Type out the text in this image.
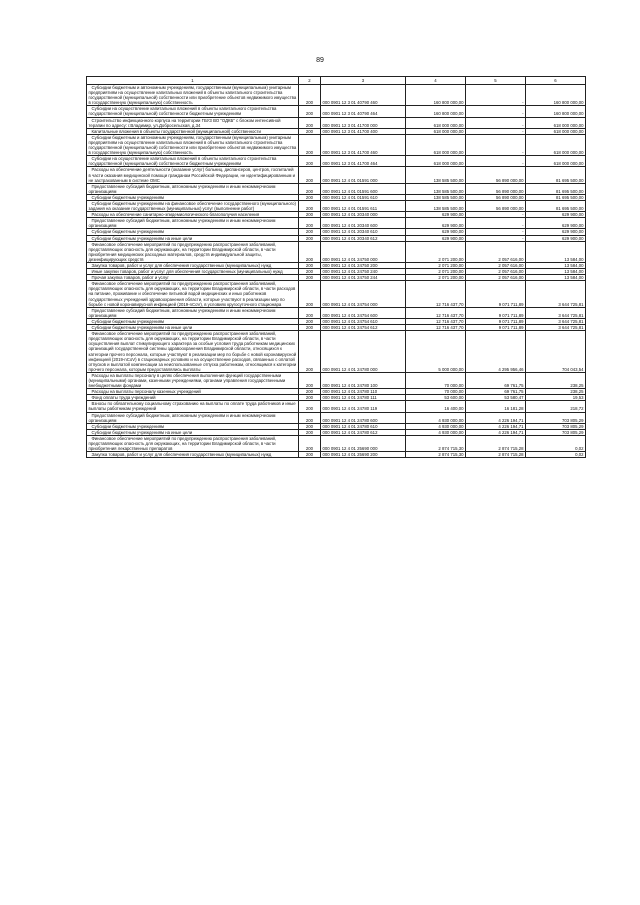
89
1	2	3	4	5	6
Субсидии бюджетным и автономным учреждениям, государственным (муниципальным) унитарным предприятиям на осуществление капитальных вложений в объекты капитального строительства государственной (муниципальной) собственности или приобретение объектов недвижимого имущества в государственную (муниципальную) собственность	200	000 0901 12 3 01 40790 460	160 800 000,00	-	160 800 000,00
Субсидии на осуществление капитальных вложений в объекты капитального строительства государственной (муниципальной) собственности бюджетным учреждениям	200	000 0901 12 3 01 40790 464	160 800 000,00	-	160 800 000,00
Строительство инфекционного корпуса на территории ГБУЗ ВО "ОДКБ" с блоком интенсивной терапии по адресу: г.Владимир, ул.Добросельская, д.34	200	000 0901 12 3 01 41700 000	618 000 000,00	-	618 000 000,00
Капитальные вложения в объекты государственной (муниципальной) собственности	200	000 0901 12 3 01 41700 400	618 000 000,00	-	618 000 000,00
Субсидии бюджетным и автономным учреждениям, государственным (муниципальным) унитарным предприятиям на осуществление капитальных вложений в объекты капитального строительства государственной (муниципальной) собственности или приобретение объектов недвижимого имущества в государственную (муниципальную) собственность	200	000 0901 12 3 01 41700 460	618 000 000,00	-	618 000 000,00
Субсидии на осуществление капитальных вложений в объекты капитального строительства государственной (муниципальной) собственности бюджетным учреждениям	200	000 0901 12 3 01 41700 464	618 000 000,00	-	618 000 000,00
Расходы на обеспечение деятельности (оказание услуг) больниц, диспансеров, центров, госпиталей в части оказания медицинской помощи гражданам Российской Федерации, не идентифицированным и не застрахованным в системе ОМС	200	000 0901 12 4 01 01591 000	138 585 500,00	56 890 000,00	81 695 500,00
Предоставление субсидий бюджетным, автономным учреждениям и иным некоммерческим организациям	200	000 0901 12 4 01 01591 600	138 585 500,00	56 890 000,00	81 695 500,00
Субсидии бюджетным учреждениям	200	000 0901 12 4 01 01591 610	138 585 500,00	56 890 000,00	81 695 500,00
Субсидии бюджетным учреждениям на финансовое обеспечение государственного (муниципального) задания на оказание государственных (муниципальных) услуг (выполнение работ)	200	000 0901 12 4 01 01591 611	138 585 500,00	56 890 000,00	81 695 500,00
Расходы на обеспечение санитарно-эпидемиологического благополучия населения	200	000 0901 12 4 01 20340 000	629 900,00	-	629 900,00
Предоставление субсидий бюджетным, автономным учреждениям и иным некоммерческим организациям	200	000 0901 12 4 01 20340 600	629 900,00	-	629 900,00
Субсидии бюджетным учреждениям	200	000 0901 12 4 01 20340 610	629 900,00	-	629 900,00
Субсидии бюджетным учреждениям на иные цели	200	000 0901 12 4 01 20340 612	629 900,00	-	629 900,00
Финансовое обеспечение мероприятий по предупреждению распространения заболеваний, представляющих опасность для окружающих, на территории Владимирской области, в части приобретения медицинских расходных материалов, средств индивидуальной защиты, дезинфицирующих средств	200	000 0901 12 4 01 24750 000	2 071 200,00	2 057 616,00	13 584,00
Закупка товаров, работ и услуг для обеспечения государственных (муниципальных) нужд	200	000 0901 12 4 01 24750 200	2 071 200,00	2 057 616,00	13 584,00
Иные закупки товаров, работ и услуг для обеспечения государственных (муниципальных) нужд	200	000 0901 12 4 01 24750 240	2 071 200,00	2 057 616,00	13 584,00
Прочая закупка товаров, работ и услуг	200	000 0901 12 4 01 24750 244	2 071 200,00	2 057 616,00	13 584,00
Финансовое обеспечение мероприятий по предупреждению распространения заболеваний, представляющих опасность для окружающих, на территории Владимирской области, в части расходов на питание, проживание и обеспечение питьевой водой медицинских и иных работников государственных учреждений здравоохранения области, которые участвуют в реализации мер по борьбе с новой коронавирусной инфекцией (2019-nCoV), в условиях кругосуточного стационара	200	000 0901 12 4 01 24754 000	12 716 437,70	9 071 711,89	3 644 725,81
Предоставление субсидий бюджетным, автономным учреждениям и иным некоммерческим организациям	200	000 0901 12 4 01 24754 600	12 716 437,70	9 071 711,89	3 644 725,81
Субсидии бюджетным учреждениям	200	000 0901 12 4 01 24754 610	12 716 437,70	9 071 711,89	3 644 725,81
Субсидии бюджетным учреждениям на иные цели	200	000 0901 12 4 01 24754 612	12 716 437,70	9 071 711,89	3 644 725,81
Финансовое обеспечение мероприятий по предупреждению распространения заболеваний, представляющих опасность для окружающих, на территории Владимирской области, в части осуществления выплат стимулирующего характера за особые условия труда работникам медицинских организаций государственной системы здравоохранения Владимирской области, относящихся к категории прочего персонала, которые участвуют в реализации мер по борьбе с новой коронавирусной инфекцией (2019-nCoV) в стационарных условиях и на осуществление расходов, связанных с оплатой отпусков и выплатой компенсации за неиспользованные отпуска работникам, относящимся к категории прочего персонала, которым предоставлялись выплаты	200	000 0901 12 4 01 24780 000	5 000 000,00	4 295 956,46	704 043,54
Расходы на выплаты персоналу в целях обеспечения выполнения функций государственными (муниципальными) органами, казенными учреждениями, органами управления государственными внебюджетными фондами	200	000 0901 12 4 01 24780 100	70 000,00	69 761,75	238,25
Расходы на выплаты персоналу казенных учреждений	200	000 0901 12 4 01 24780 110	70 000,00	69 761,75	238,25
Фонд оплаты труда учреждений	200	000 0901 12 4 01 24780 111	53 600,00	53 580,47	19,53
Взносы по обязательному социальному страхованию на выплаты по оплате труда работников и иные выплаты работникам учреждений	200	000 0901 12 4 01 24780 119	16 400,00	16 181,28	218,72
Предоставление субсидий бюджетным, автономным учреждениям и иным некоммерческим организациям	200	000 0901 12 4 01 24780 600	4 930 000,00	4 226 194,71	703 805,29
Субсидии бюджетным учреждениям	200	000 0901 12 4 01 24780 610	4 930 000,00	4 226 194,71	703 805,29
Субсидии бюджетным учреждениям на иные цели	200	000 0901 12 4 01 24780 612	4 930 000,00	4 226 194,71	703 805,29
Финансовое обеспечение мероприятий по предупреждению распространения заболеваний, представляющих опасность для окружающих, на территории Владимирской области, в части приобретения лекарственных препаратов	200	000 0901 12 4 01 25690 000	2 874 715,30	2 874 715,28	0,02
Закупка товаров, работ и услуг для обеспечения государственных (муниципальных) нужд	200	000 0901 12 4 01 25690 200	2 874 715,30	2 874 715,28	0,02
